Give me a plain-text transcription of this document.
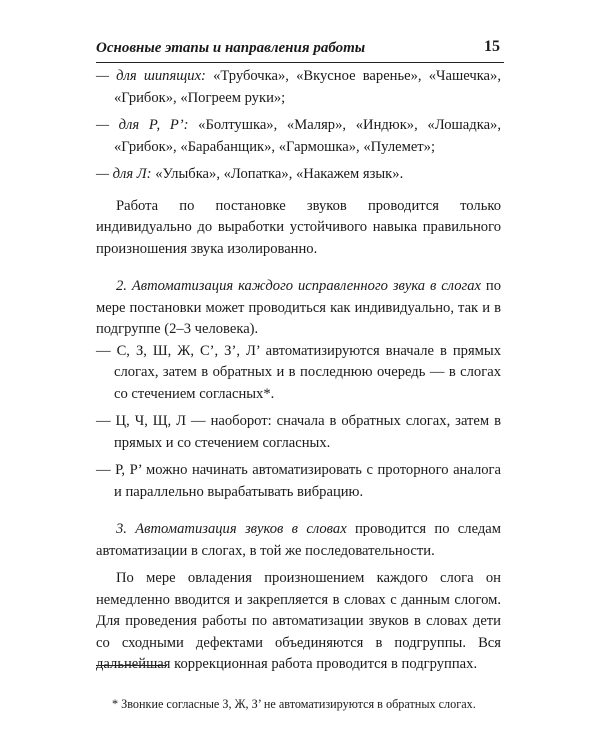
Основные этапы и направления работы	15

— для шипящих: «Трубочка», «Вкусное варенье», «Чашечка», «Грибок», «Погреем руки»;

— для Р, Р’: «Болтушка», «Маляр», «Индюк», «Лошадка», «Грибок», «Барабанщик», «Гармошка», «Пулемет»;

— для Л: «Улыбка», «Лопатка», «Накажем язык».

Работа по постановке звуков проводится только индивидуально до выработки устойчивого навыка правильного произношения звука изолированно.

2. Автоматизация каждого исправленного звука в слогах по мере постановки может проводиться как индивидуально, так и в подгруппе (2–3 человека).

— С, З, Ш, Ж, С’, З’, Л’ автоматизируются вначале в прямых слогах, затем в обратных и в последнюю очередь — в слогах со стечением согласных*.

— Ц, Ч, Щ, Л — наоборот: сначала в обратных слогах, затем в прямых и со стечением согласных.

— Р, Р’ можно начинать автоматизировать с проторного аналога и параллельно вырабатывать вибрацию.

3. Автоматизация звуков в словах проводится по следам автоматизации в слогах, в той же последовательности.

По мере овладения произношением каждого слога он немедленно вводится и закрепляется в словах с данным слогом. Для проведения работы по автоматизации звуков в словах дети со сходными дефектами объединяются в подгруппы. Вся дальнейшая коррекционная работа проводится в подгруппах.

* Звонкие согласные З, Ж, З’ не автоматизируются в обратных слогах.
